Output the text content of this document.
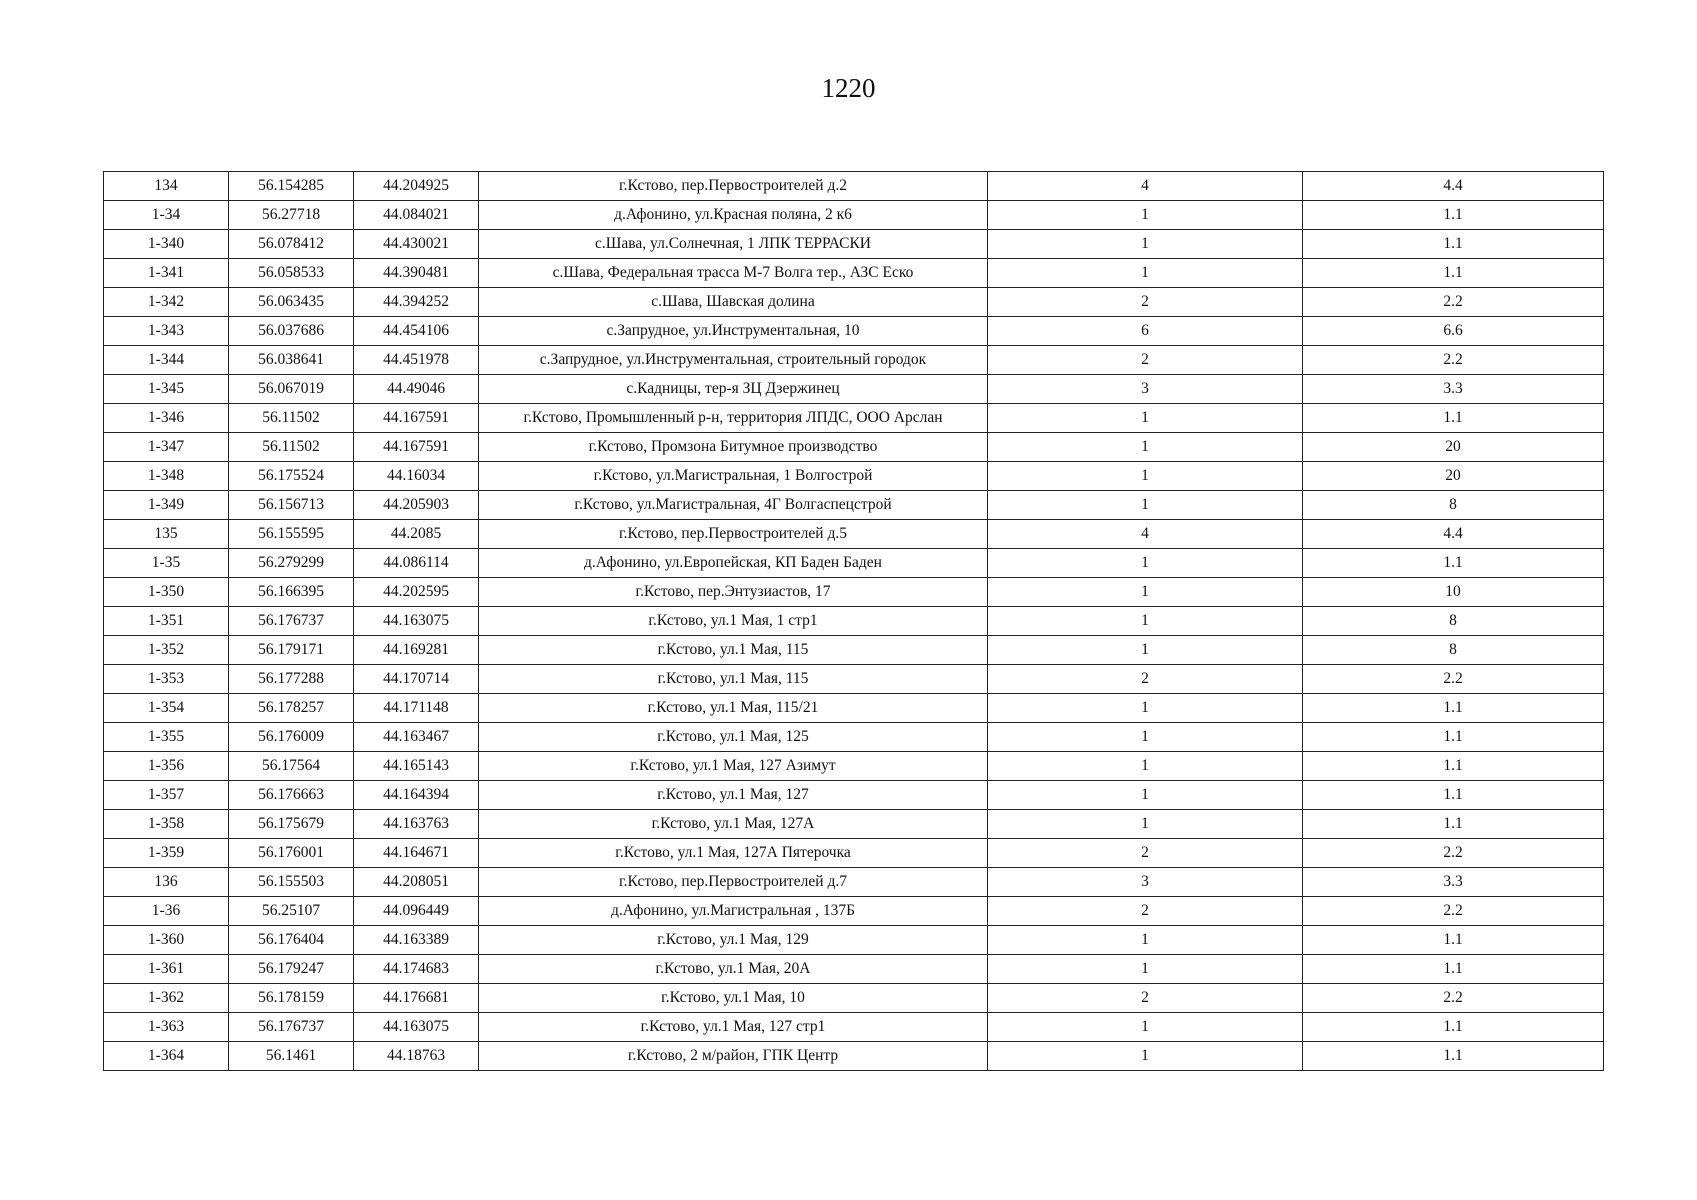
1220
134	56.154285	44.204925	г.Кстово, пер.Первостроителей д.2	4	4.4
1-34	56.27718	44.084021	д.Афонино, ул.Красная поляна, 2 к6	1	1.1
1-340	56.078412	44.430021	с.Шава, ул.Солнечная, 1 ЛПК ТЕРРАСКИ	1	1.1
1-341	56.058533	44.390481	с.Шава, Федеральная трасса М-7 Волга тер., АЗС Еско	1	1.1
1-342	56.063435	44.394252	с.Шава, Шавская долина	2	2.2
1-343	56.037686	44.454106	с.Запрудное, ул.Инструментальная, 10	6	6.6
1-344	56.038641	44.451978	с.Запрудное, ул.Инструментальная, строительный городок	2	2.2
1-345	56.067019	44.49046	с.Кадницы, тер-я ЗЦ Дзержинец	3	3.3
1-346	56.11502	44.167591	г.Кстово, Промышленный р-н, территория ЛПДС, ООО Арслан	1	1.1
1-347	56.11502	44.167591	г.Кстово, Промзона Битумное производство	1	20
1-348	56.175524	44.16034	г.Кстово, ул.Магистральная, 1 Волгострой	1	20
1-349	56.156713	44.205903	г.Кстово, ул.Магистральная, 4Г Волгаспецстрой	1	8
135	56.155595	44.2085	г.Кстово, пер.Первостроителей д.5	4	4.4
1-35	56.279299	44.086114	д.Афонино, ул.Европейская, КП Баден Баден	1	1.1
1-350	56.166395	44.202595	г.Кстово, пер.Энтузиастов, 17	1	10
1-351	56.176737	44.163075	г.Кстово, ул.1 Мая, 1 стр1	1	8
1-352	56.179171	44.169281	г.Кстово, ул.1 Мая, 115	1	8
1-353	56.177288	44.170714	г.Кстово, ул.1 Мая, 115	2	2.2
1-354	56.178257	44.171148	г.Кстово, ул.1 Мая, 115/21	1	1.1
1-355	56.176009	44.163467	г.Кстово, ул.1 Мая, 125	1	1.1
1-356	56.17564	44.165143	г.Кстово, ул.1 Мая, 127 Азимут	1	1.1
1-357	56.176663	44.164394	г.Кстово, ул.1 Мая, 127	1	1.1
1-358	56.175679	44.163763	г.Кстово, ул.1 Мая, 127А	1	1.1
1-359	56.176001	44.164671	г.Кстово, ул.1 Мая, 127А Пятерочка	2	2.2
136	56.155503	44.208051	г.Кстово, пер.Первостроителей д.7	3	3.3
1-36	56.25107	44.096449	д.Афонино, ул.Магистральная , 137Б	2	2.2
1-360	56.176404	44.163389	г.Кстово, ул.1 Мая, 129	1	1.1
1-361	56.179247	44.174683	г.Кстово, ул.1 Мая, 20А	1	1.1
1-362	56.178159	44.176681	г.Кстово, ул.1 Мая, 10	2	2.2
1-363	56.176737	44.163075	г.Кстово, ул.1 Мая, 127 стр1	1	1.1
1-364	56.1461	44.18763	г.Кстово, 2 м/район, ГПК Центр	1	1.1
